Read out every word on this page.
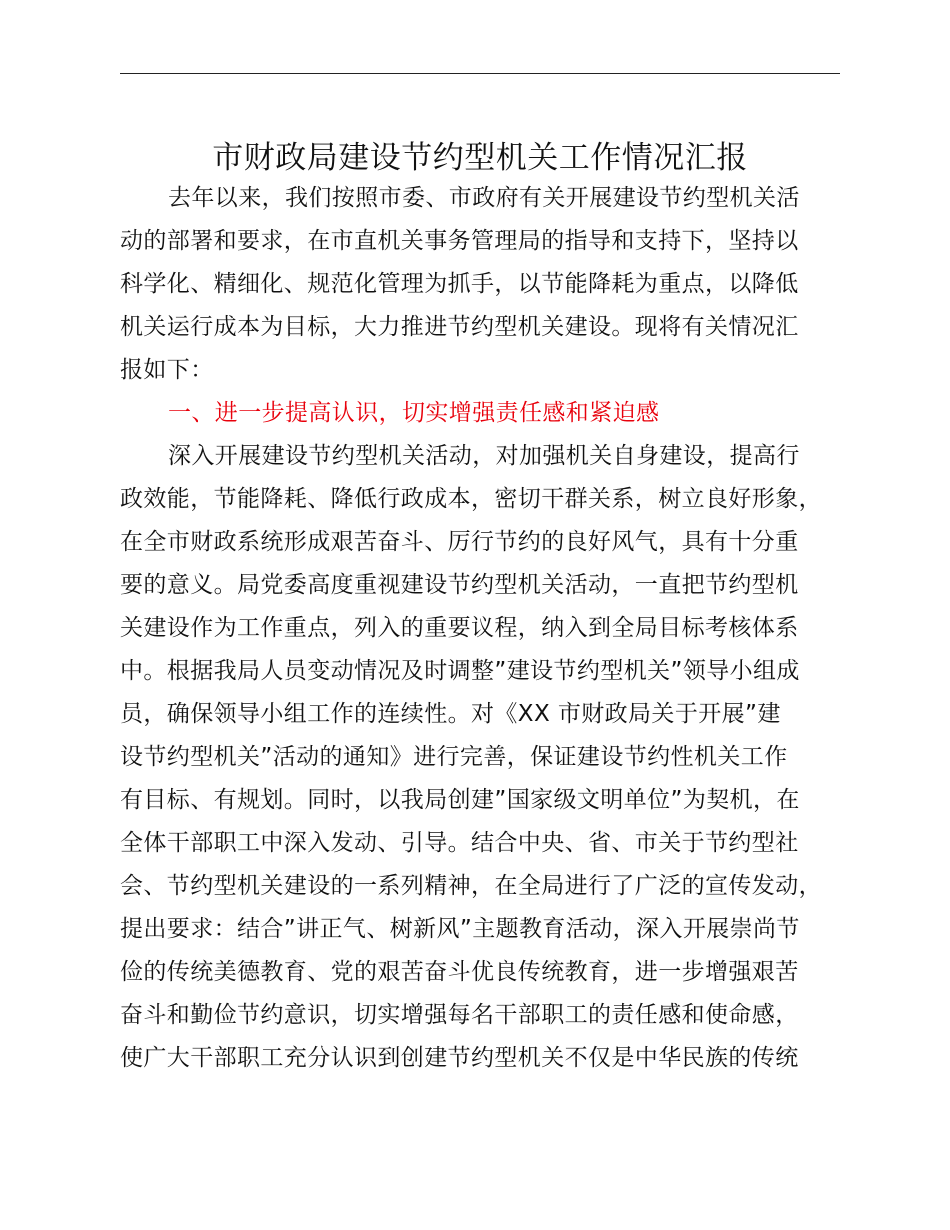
市财政局建设节约型机关工作情况汇报
去年以来，我们按照市委、市政府有关开展建设节约型机关活
动的部署和要求，在市直机关事务管理局的指导和支持下，坚持以
科学化、精细化、规范化管理为抓手，以节能降耗为重点，以降低
机关运行成本为目标，大力推进节约型机关建设。现将有关情况汇
报如下：
一、进一步提高认识，切实增强责任感和紧迫感
深入开展建设节约型机关活动，对加强机关自身建设，提高行
政效能，节能降耗、降低行政成本，密切干群关系，树立良好形象，
在全市财政系统形成艰苦奋斗、厉行节约的良好风气，具有十分重
要的意义。局党委高度重视建设节约型机关活动，一直把节约型机
关建设作为工作重点，列入的重要议程，纳入到全局目标考核体系
中。根据我局人员变动情况及时调整”建设节约型机关”领导小组成
员，确保领导小组工作的连续性。对《XX 市财政局关于开展”建
设节约型机关”活动的通知》进行完善，保证建设节约性机关工作
有目标、有规划。同时，以我局创建”国家级文明单位”为契机，在
全体干部职工中深入发动、引导。结合中央、省、市关于节约型社
会、节约型机关建设的一系列精神，在全局进行了广泛的宣传发动，
提出要求：结合”讲正气、树新风”主题教育活动，深入开展崇尚节
俭的传统美德教育、党的艰苦奋斗优良传统教育，进一步增强艰苦
奋斗和勤俭节约意识，切实增强每名干部职工的责任感和使命感，
使广大干部职工充分认识到创建节约型机关不仅是中华民族的传统
